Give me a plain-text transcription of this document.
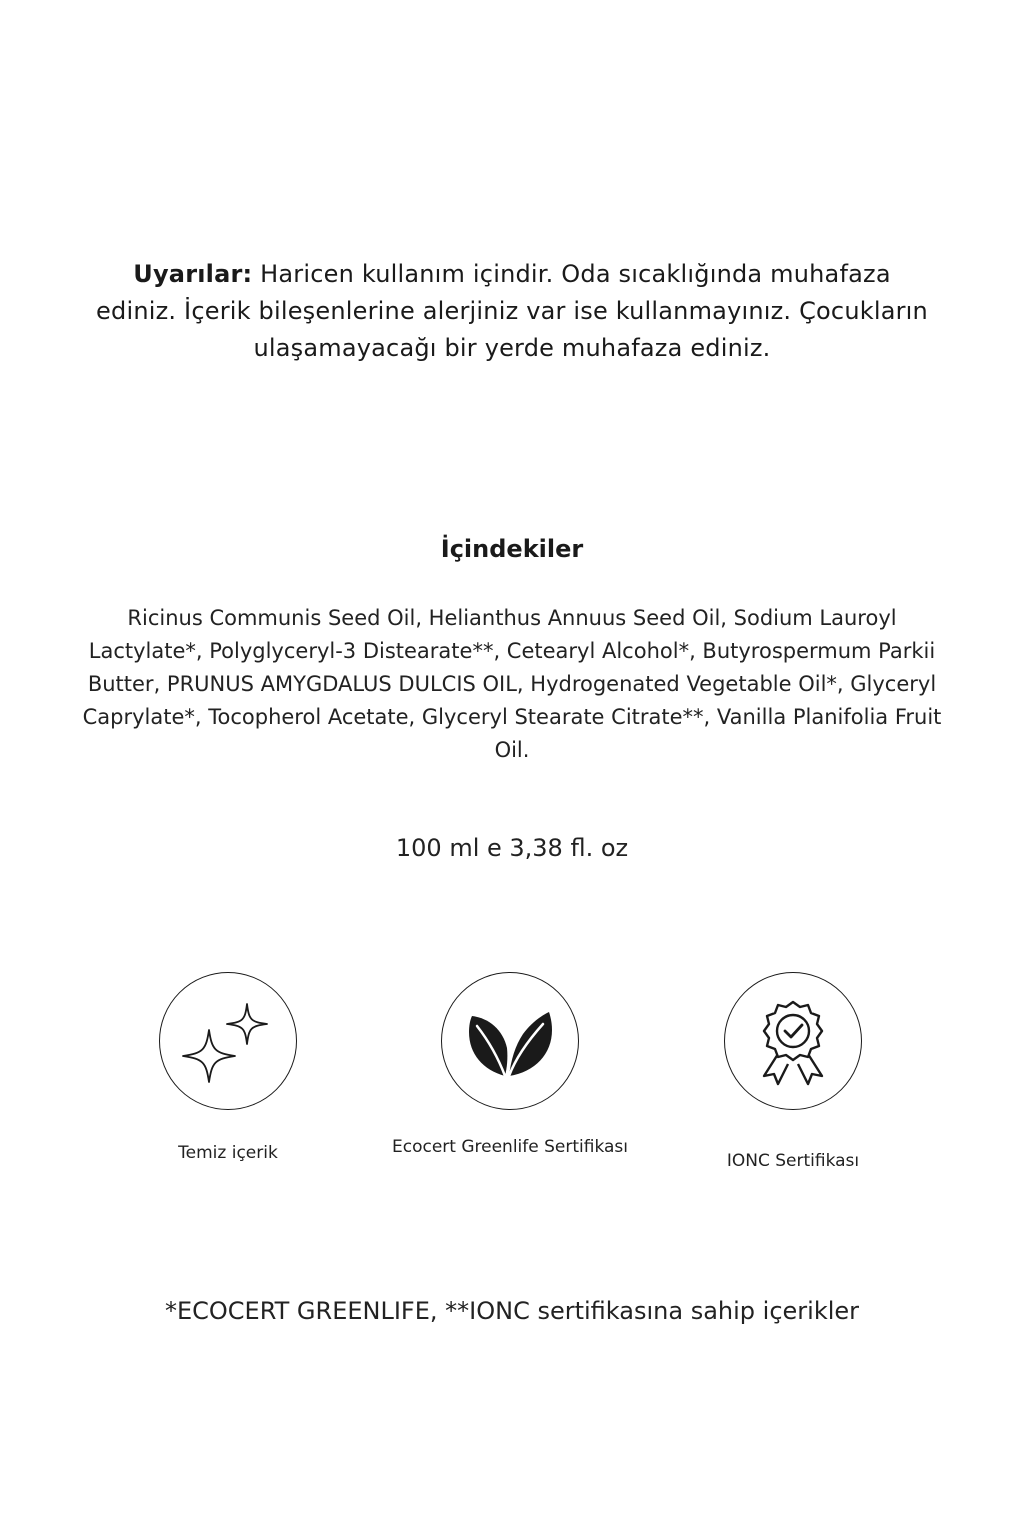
Uyarılar: Haricen kullanım içindir. Oda sıcaklığında muhafaza ediniz. İçerik bileşenlerine alerjiniz var ise kullanmayınız. Çocukların ulaşamayacağı bir yerde muhafaza ediniz.
İçindekiler
Ricinus Communis Seed Oil, Helianthus Annuus Seed Oil, Sodium Lauroyl Lactylate*, Polyglyceryl-3 Distearate**, Cetearyl Alcohol*, Butyrospermum Parkii Butter, PRUNUS AMYGDALUS DULCIS OIL, Hydrogenated Vegetable Oil*, Glyceryl Caprylate*, Tocopherol Acetate, Glyceryl Stearate Citrate**, Vanilla Planifolia Fruit Oil.
100 ml e 3,38 fl. oz
Temiz içerik	Ecocert Greenlife Sertifikası
IONC Sertifikası
*ECOCERT GREENLIFE, **IONC sertifikasına sahip içerikler
